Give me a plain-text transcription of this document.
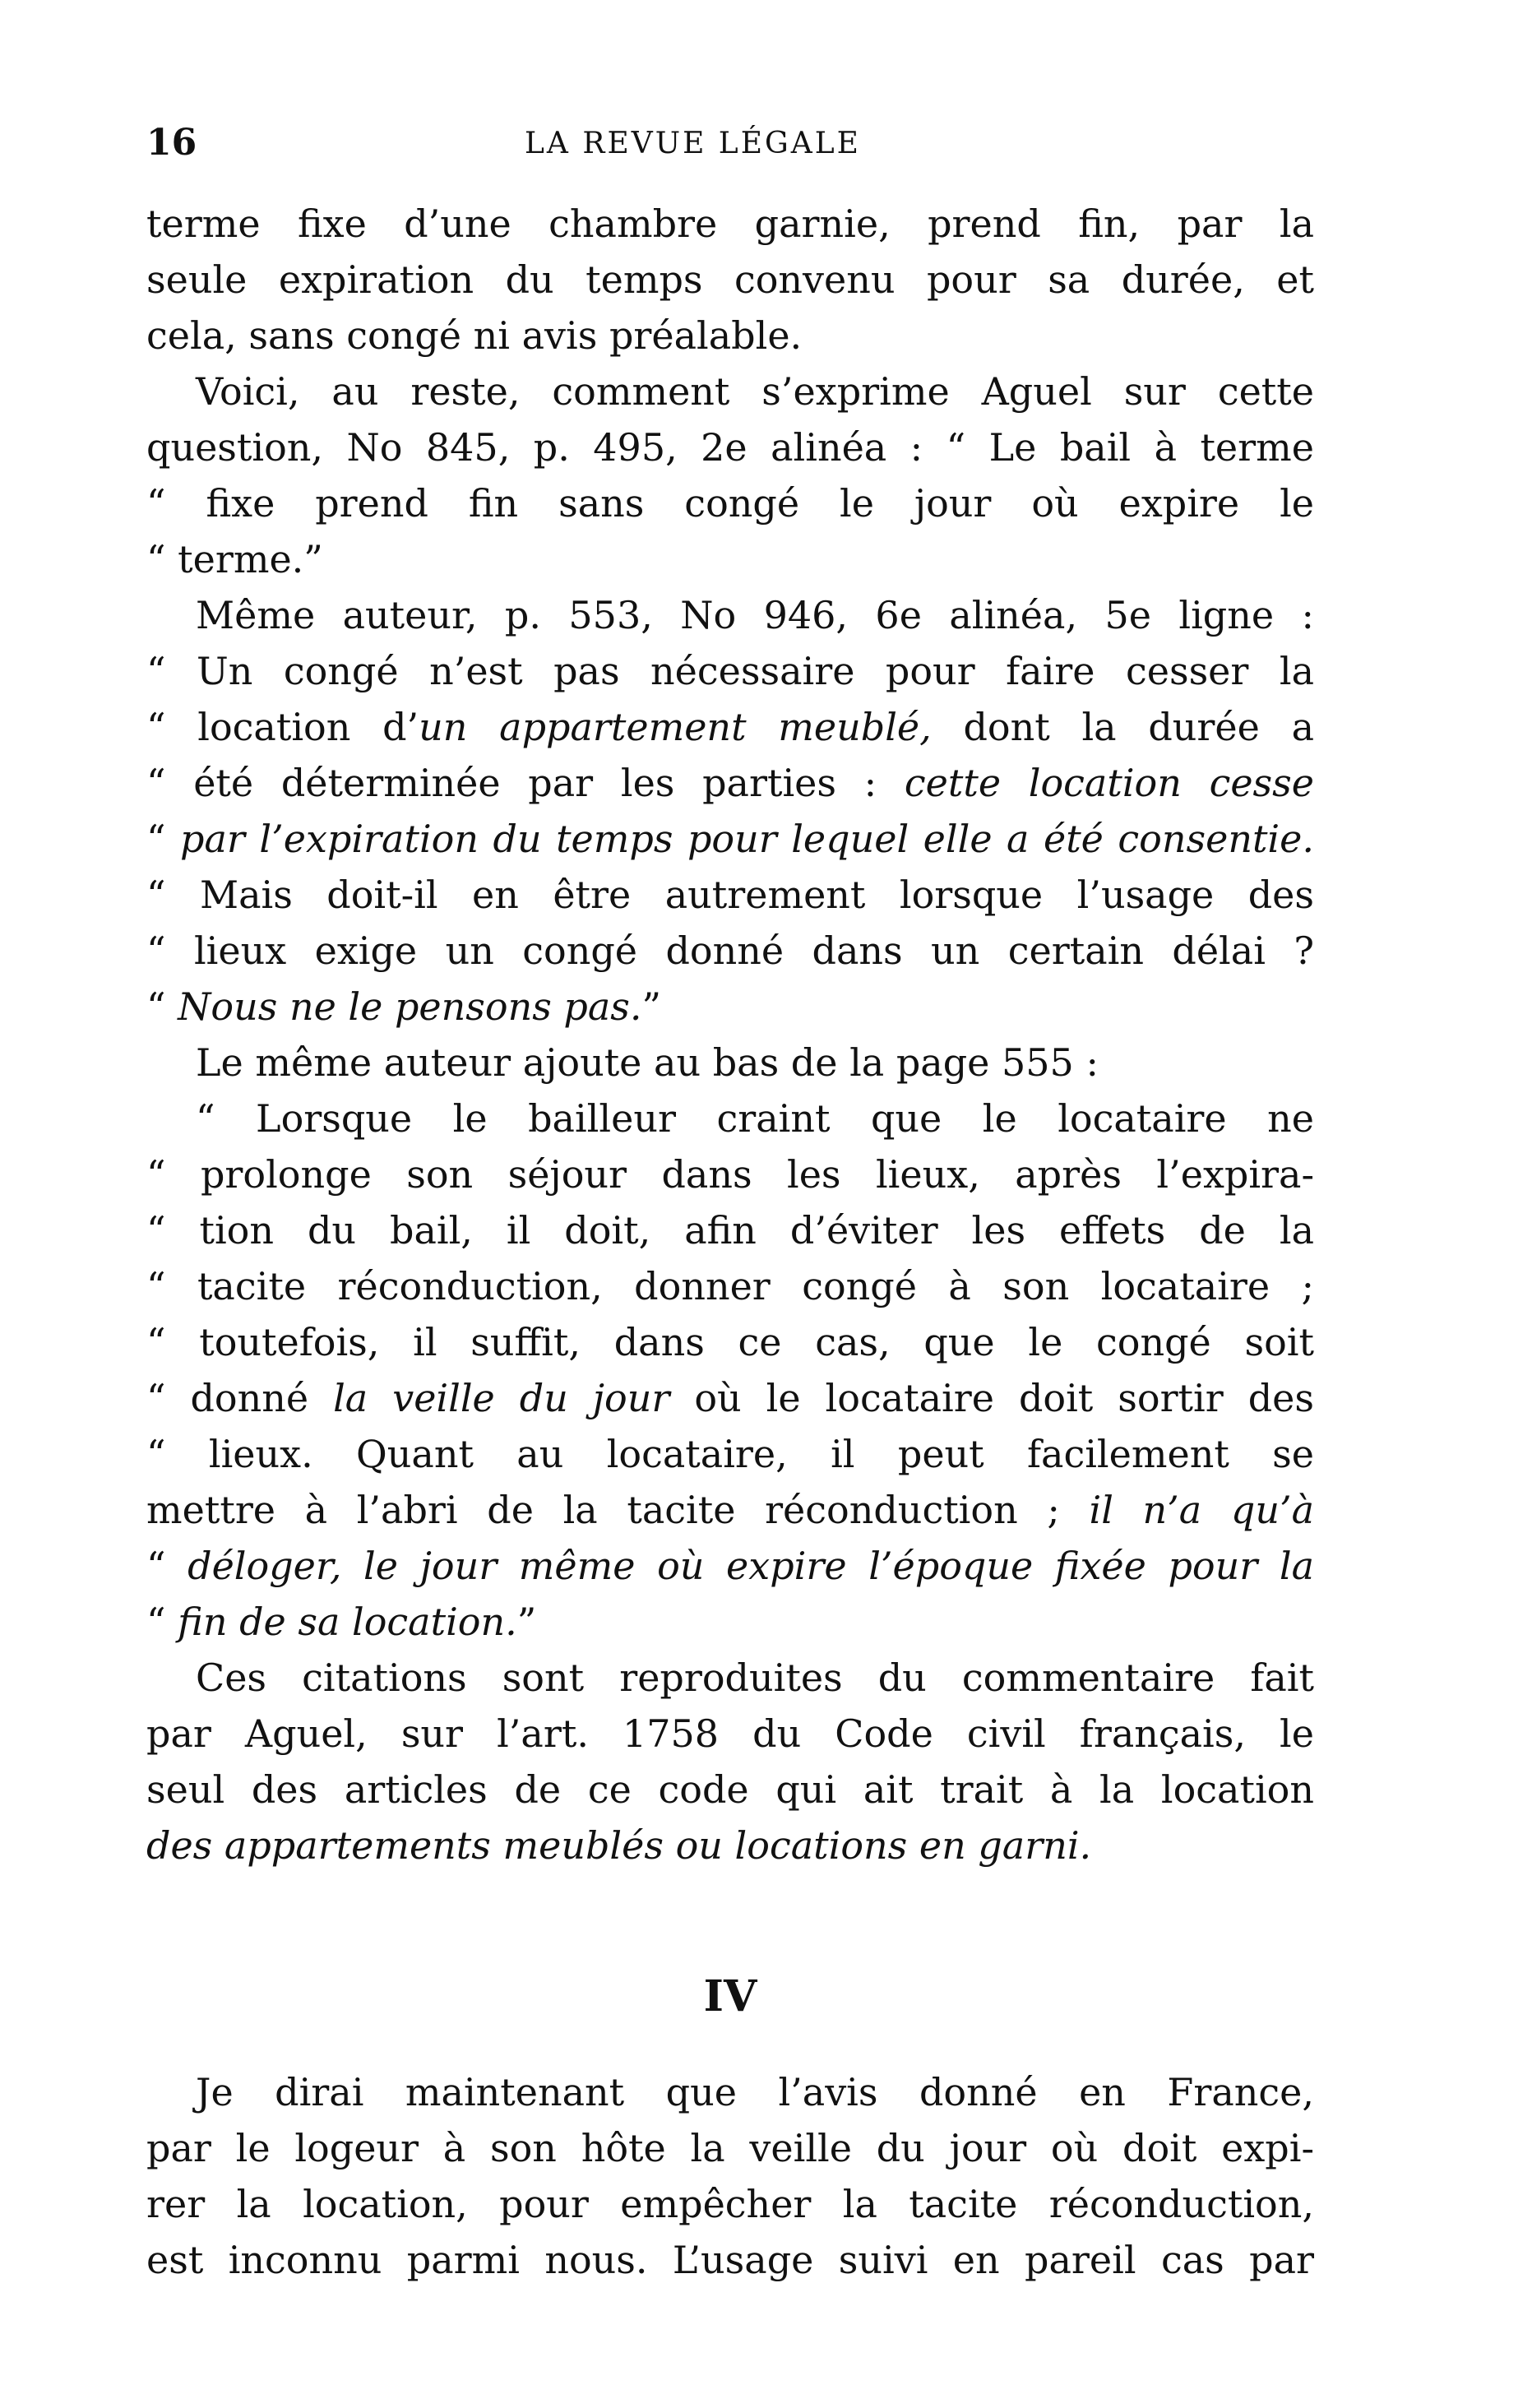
16	LA REVUE LÉGALE
terme fixe d’une chambre garnie, prend fin, par la
seule expiration du temps convenu pour sa durée, et
cela, sans congé ni avis préalable.
Voici, au reste, comment s’exprime Aguel sur cette
question, No 845, p. 495, 2e alinéa : “ Le bail à terme
“ fixe prend fin sans congé le jour où expire le
“ terme.”
Même auteur, p. 553, No 946, 6e alinéa, 5e ligne :
“ Un congé n’est pas nécessaire pour faire cesser la
“ location d’un appartement meublé, dont la durée a
“ été déterminée par les parties : cette location cesse
“ par l’expiration du temps pour lequel elle a été consentie.
“ Mais doit-il en être autrement lorsque l’usage des
“ lieux exige un congé donné dans un certain délai ?
“ Nous ne le pensons pas.”
Le même auteur ajoute au bas de la page 555 :
“ Lorsque le bailleur craint que le locataire ne
“ prolonge son séjour dans les lieux, après l’expira-
“ tion du bail, il doit, afin d’éviter les effets de la
“ tacite réconduction, donner congé à son locataire ;
“ toutefois, il suffit, dans ce cas, que le congé soit
“ donné la veille du jour où le locataire doit sortir des
“ lieux. Quant au locataire, il peut facilement se
mettre à l’abri de la tacite réconduction ; il n’a qu’à
“ déloger, le jour même où expire l’époque fixée pour la
“ fin de sa location.”
Ces citations sont reproduites du commentaire fait
par Aguel, sur l’art. 1758 du Code civil français, le
seul des articles de ce code qui ait trait à la location
des appartements meublés ou locations en garni.
IV
Je dirai maintenant que l’avis donné en France,
par le logeur à son hôte la veille du jour où doit expi-
rer la location, pour empêcher la tacite réconduction,
est inconnu parmi nous. L’usage suivi en pareil cas par
